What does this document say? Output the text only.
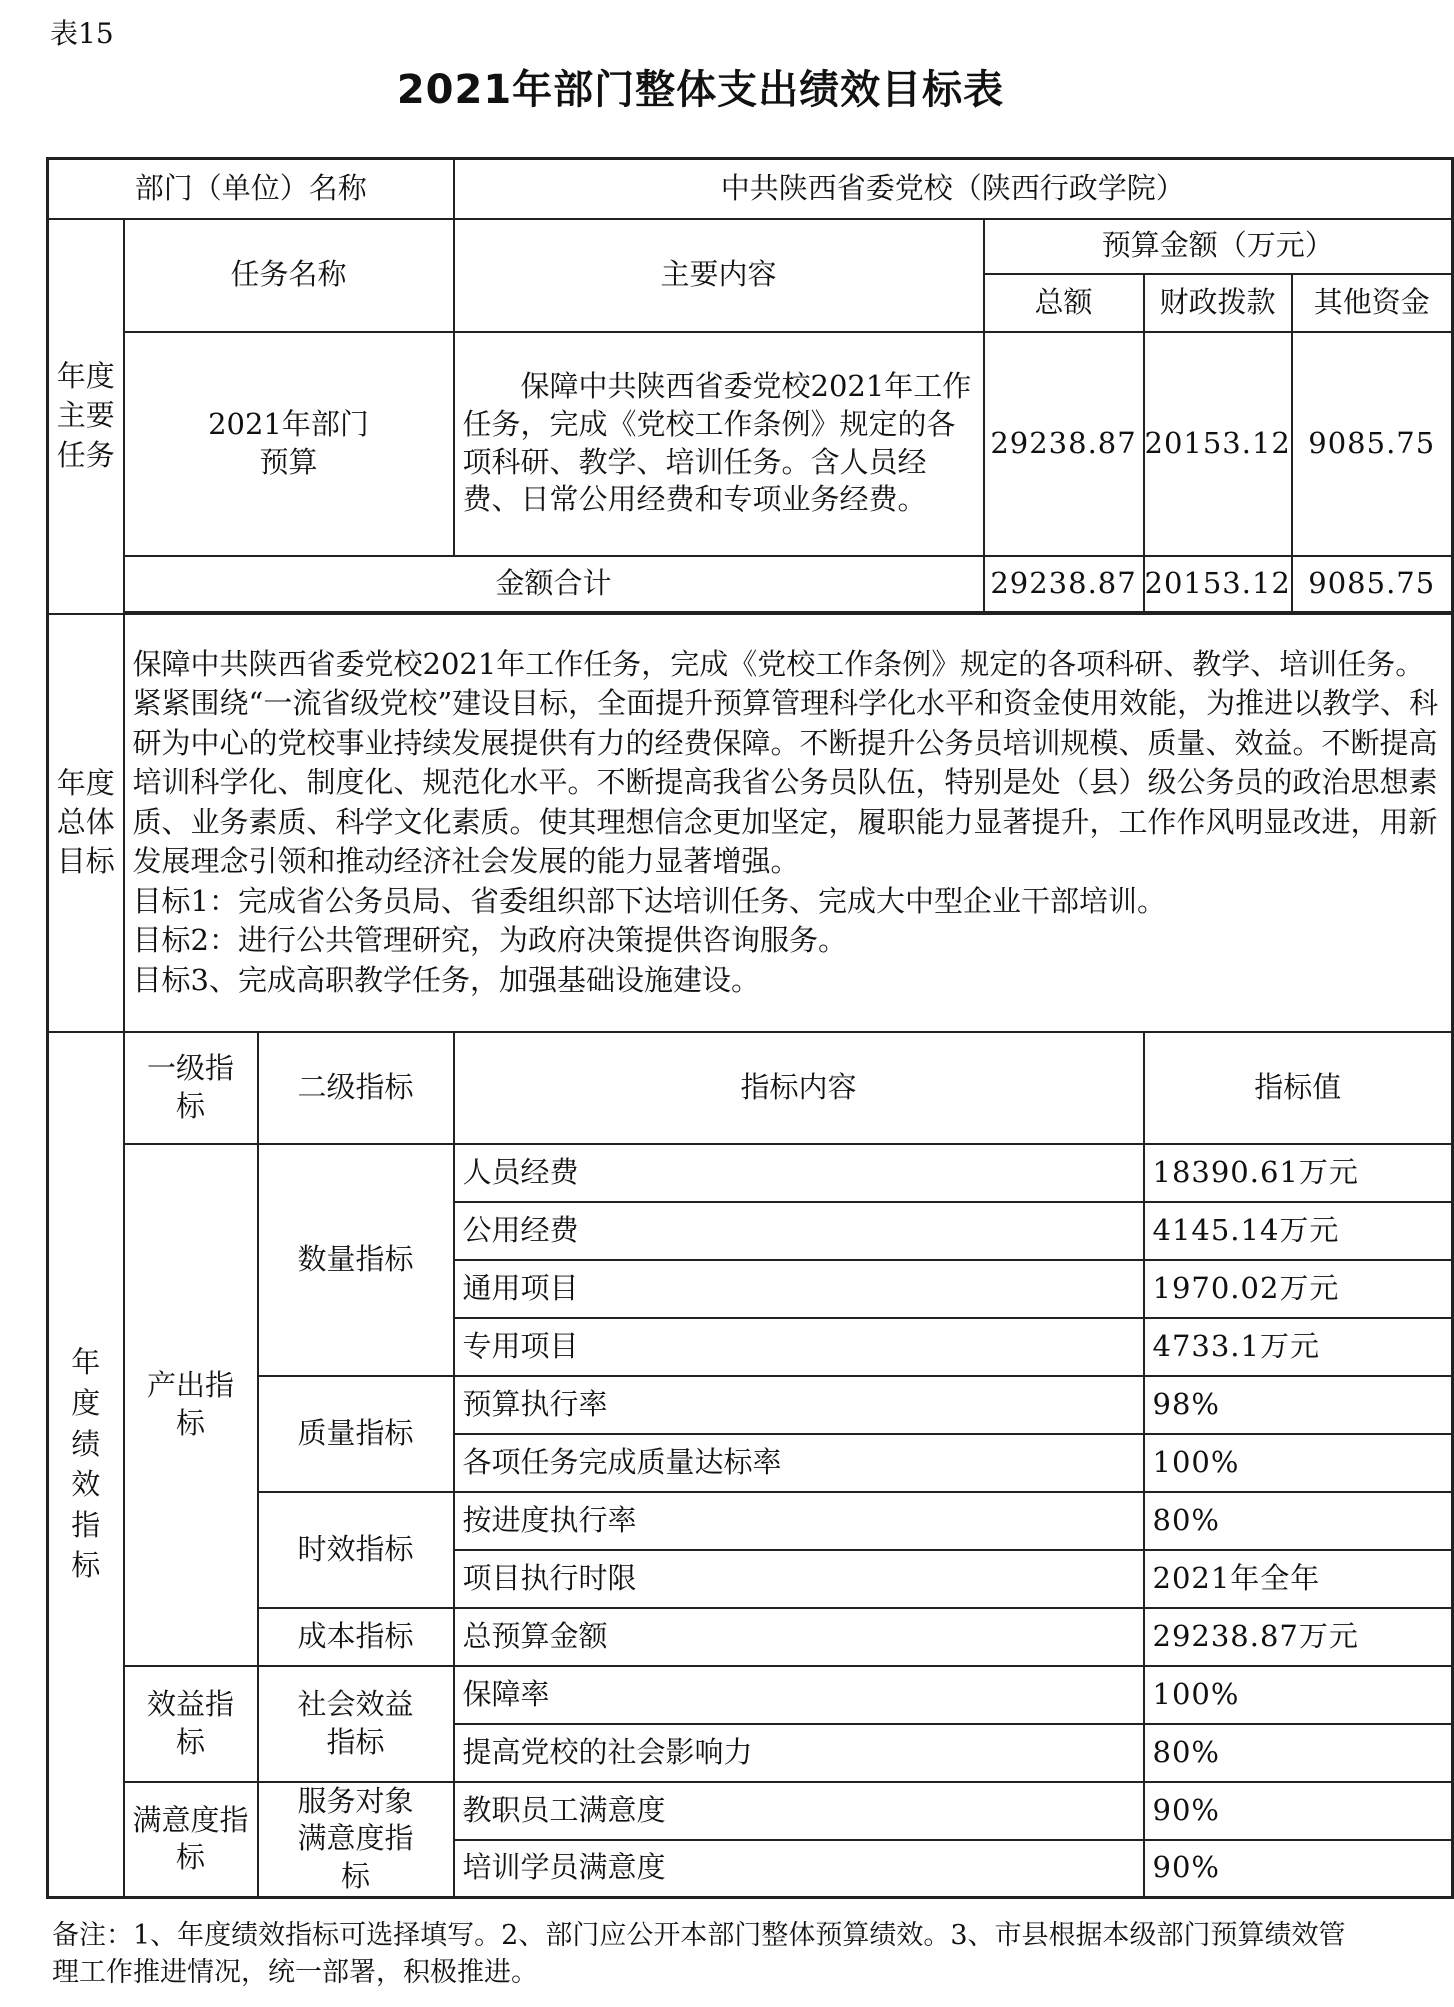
表15
2021年部门整体支出绩效目标表
部门（单位）名称			中共陕西省委党校（陕西行政学院）			
年度主要任务	任务名称		主要内容	预算金额（万元）		
				总额	财政拨款	其他资金
	2021年部门预算		保障中共陕西省委党校2021年工作任务，完成《党校工作条例》规定的各项科研、教学、培训任务。含人员经费、日常公用经费和专项业务经费。	29238.87	20153.12	9085.75
	金额合计			29238.87	20153.12	9085.75

年度总体目标	保障中共陕西省委党校2021年工作任务，完成《党校工作条例》规定的各项科研、教学、培训任务。 紧紧围绕“一流省级党校”建设目标，全面提升预算管理科学化水平和资金使用效能，为推进以教学、科研为中心的党校事业持续发展提供有力的经费保障。不断提升公务员培训规模、质量、效益。不断提高培训科学化、制度化、规范化水平。不断提高我省公务员队伍，特别是处（县）级公务员的政治思想素质、业务素质、科学文化素质。使其理想信念更加坚定，履职能力显著提升，工作作风明显改进，用新发展理念引领和推动经济社会发展的能力显著增强。

目标1：完成省公务员局、省委组织部下达培训任务、完成大中型企业干部培训。

目标2：进行公共管理研究，为政府决策提供咨询服务。

目标3、完成高职教学任务，加强基础设施建设。					

年度绩效指标	一级指标	二级指标	指标内容		指标值	
	产出指标	数量指标	人员经费		18390.61万元	
			公用经费		4145.14万元	
			通用项目		1970.02万元	
			专用项目		4733.1万元	
		质量指标	预算执行率		98%	
			各项任务完成质量达标率		100%	
		时效指标	按进度执行率		80%	
			项目执行时限		2021年全年	
		成本指标	总预算金额		29238.87万元	
	效益指标	社会效益指标	保障率		100%	
			提高党校的社会影响力		80%	
	满意度指标	服务对象满意度指标	教职员工满意度		90%	
			培训学员满意度		90%	
备注：1、年度绩效指标可选择填写。2、部门应公开本部门整体预算绩效。3、市县根据本级部门预算绩效管理工作推进情况，统一部署，积极推进。
